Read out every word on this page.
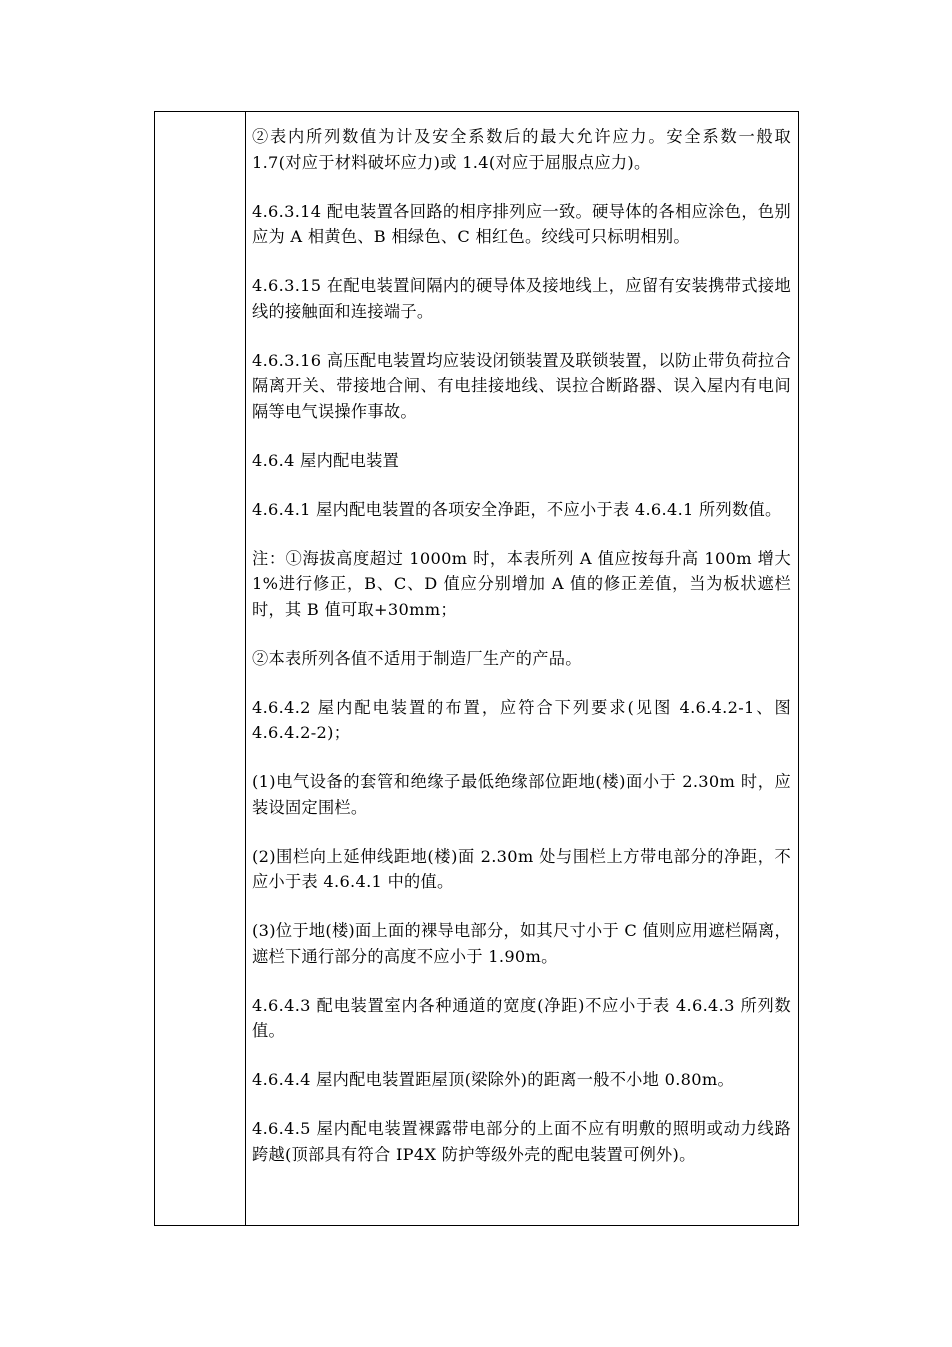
②表内所列数值为计及安全系数后的最大允许应力。安全系数一般取 1.7(对应于材料破坏应力)或 1.4(对应于屈服点应力)。

4.6.3.14 配电装置各回路的相序排列应一致。硬导体的各相应涂色，色别应为 A 相黄色、B 相绿色、C 相红色。绞线可只标明相别。

4.6.3.15 在配电装置间隔内的硬导体及接地线上，应留有安装携带式接地线的接触面和连接端子。

4.6.3.16 高压配电装置均应装设闭锁装置及联锁装置，以防止带负荷拉合隔离开关、带接地合闸、有电挂接地线、误拉合断路器、误入屋内有电间隔等电气误操作事故。

4.6.4 屋内配电装置

4.6.4.1 屋内配电装置的各项安全净距，不应小于表 4.6.4.1 所列数值。

注：①海拔高度超过 1000m 时，本表所列 A 值应按每升高 100m 增大 1%进行修正，B、C、D 值应分别增加 A 值的修正差值，当为板状遮栏时，其 B 值可取+30mm；

②本表所列各值不适用于制造厂生产的产品。

4.6.4.2 屋内配电装置的布置，应符合下列要求(见图 4.6.4.2-1、图 4.6.4.2-2)；

(1)电气设备的套管和绝缘子最低绝缘部位距地(楼)面小于 2.30m 时，应装设固定围栏。

(2)围栏向上延伸线距地(楼)面 2.30m 处与围栏上方带电部分的净距，不应小于表 4.6.4.1 中的值。

(3)位于地(楼)面上面的裸导电部分，如其尺寸小于 C 值则应用遮栏隔离，遮栏下通行部分的高度不应小于 1.90m。

4.6.4.3 配电装置室内各种通道的宽度(净距)不应小于表 4.6.4.3 所列数值。

4.6.4.4 屋内配电装置距屋顶(梁除外)的距离一般不小地 0.80m。

4.6.4.5 屋内配电装置裸露带电部分的上面不应有明敷的照明或动力线路跨越(顶部具有符合 IP4X 防护等级外壳的配电装置可例外)。
